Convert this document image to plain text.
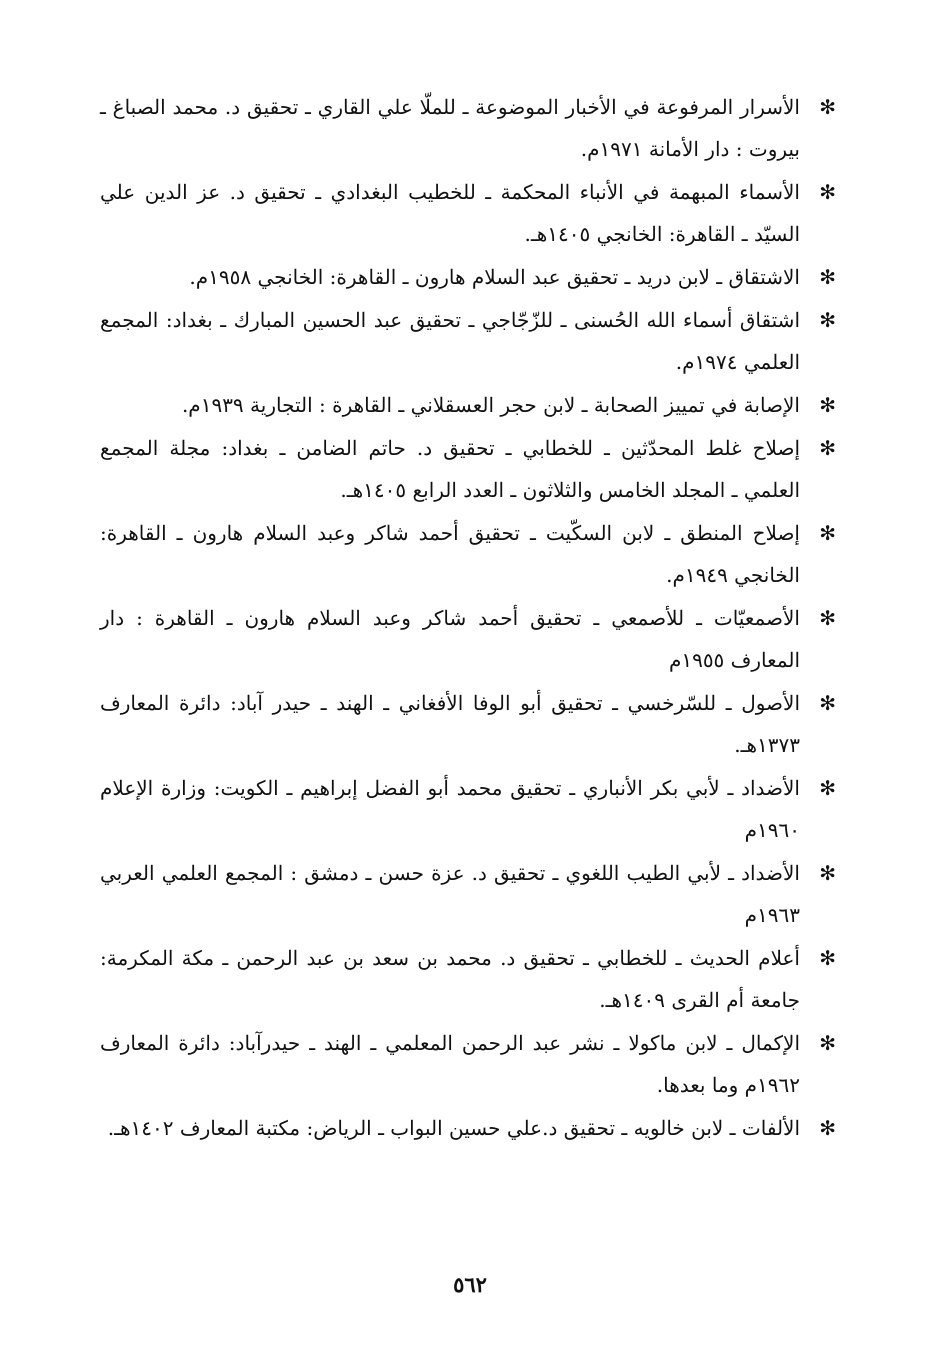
✻
الأسرار المرفوعة في الأخبار الموضوعة ـ للملّا علي القاري ـ تحقيق د. محمد الصباغ ـ بيروت : دار الأمانة ١٩٧١م.
✻
الأسماء المبهمة في الأنباء المحكمة ـ للخطيب البغدادي ـ تحقيق د. عز الدين علي السيّد ـ القاهرة: الخانجي ١٤٠٥هـ.
✻
الاشتقاق ـ لابن دريد ـ تحقيق عبد السلام هارون ـ القاهرة: الخانجي ١٩٥٨م.
✻
اشتقاق أسماء الله الحُسنى ـ للزّجّاجي ـ تحقيق عبد الحسين المبارك ـ بغداد: المجمع العلمي ١٩٧٤م.
✻
الإصابة في تمييز الصحابة ـ لابن حجر العسقلاني ـ القاهرة : التجارية ١٩٣٩م.
✻
إصلاح غلط المحدّثين ـ للخطابي ـ تحقيق د. حاتم الضامن ـ بغداد: مجلة المجمع العلمي ـ المجلد الخامس والثلاثون ـ العدد الرابع ١٤٠٥هـ.
✻
إصلاح المنطق ـ لابن السكّيت ـ تحقيق أحمد شاكر وعبد السلام هارون ـ القاهرة: الخانجي ١٩٤٩م.
✻
الأصمعيّات ـ للأصمعي ـ تحقيق أحمد شاكر وعبد السلام هارون ـ القاهرة : دار المعارف ١٩٥٥م
✻
الأصول ـ للسّرخسي ـ تحقيق أبو الوفا الأفغاني ـ الهند ـ حيدر آباد: دائرة المعارف ١٣٧٣هـ.
✻
الأضداد ـ لأبي بكر الأنباري ـ تحقيق محمد أبو الفضل إبراهيم ـ الكويت: وزارة الإعلام ١٩٦٠م
✻
الأضداد ـ لأبي الطيب اللغوي ـ تحقيق د. عزة حسن ـ دمشق : المجمع العلمي العربي ١٩٦٣م
✻
أعلام الحديث ـ للخطابي ـ تحقيق د. محمد بن سعد بن عبد الرحمن ـ مكة المكرمة: جامعة أم القرى ١٤٠٩هـ.
✻
الإكمال ـ لابن ماكولا ـ نشر عبد الرحمن المعلمي ـ الهند ـ حيدرآباد: دائرة المعارف ١٩٦٢م وما بعدها.
✻
الألفات ـ لابن خالويه ـ تحقيق د.علي حسين البواب ـ الرياض: مكتبة المعارف ١٤٠٢هـ.
٥٦٢
